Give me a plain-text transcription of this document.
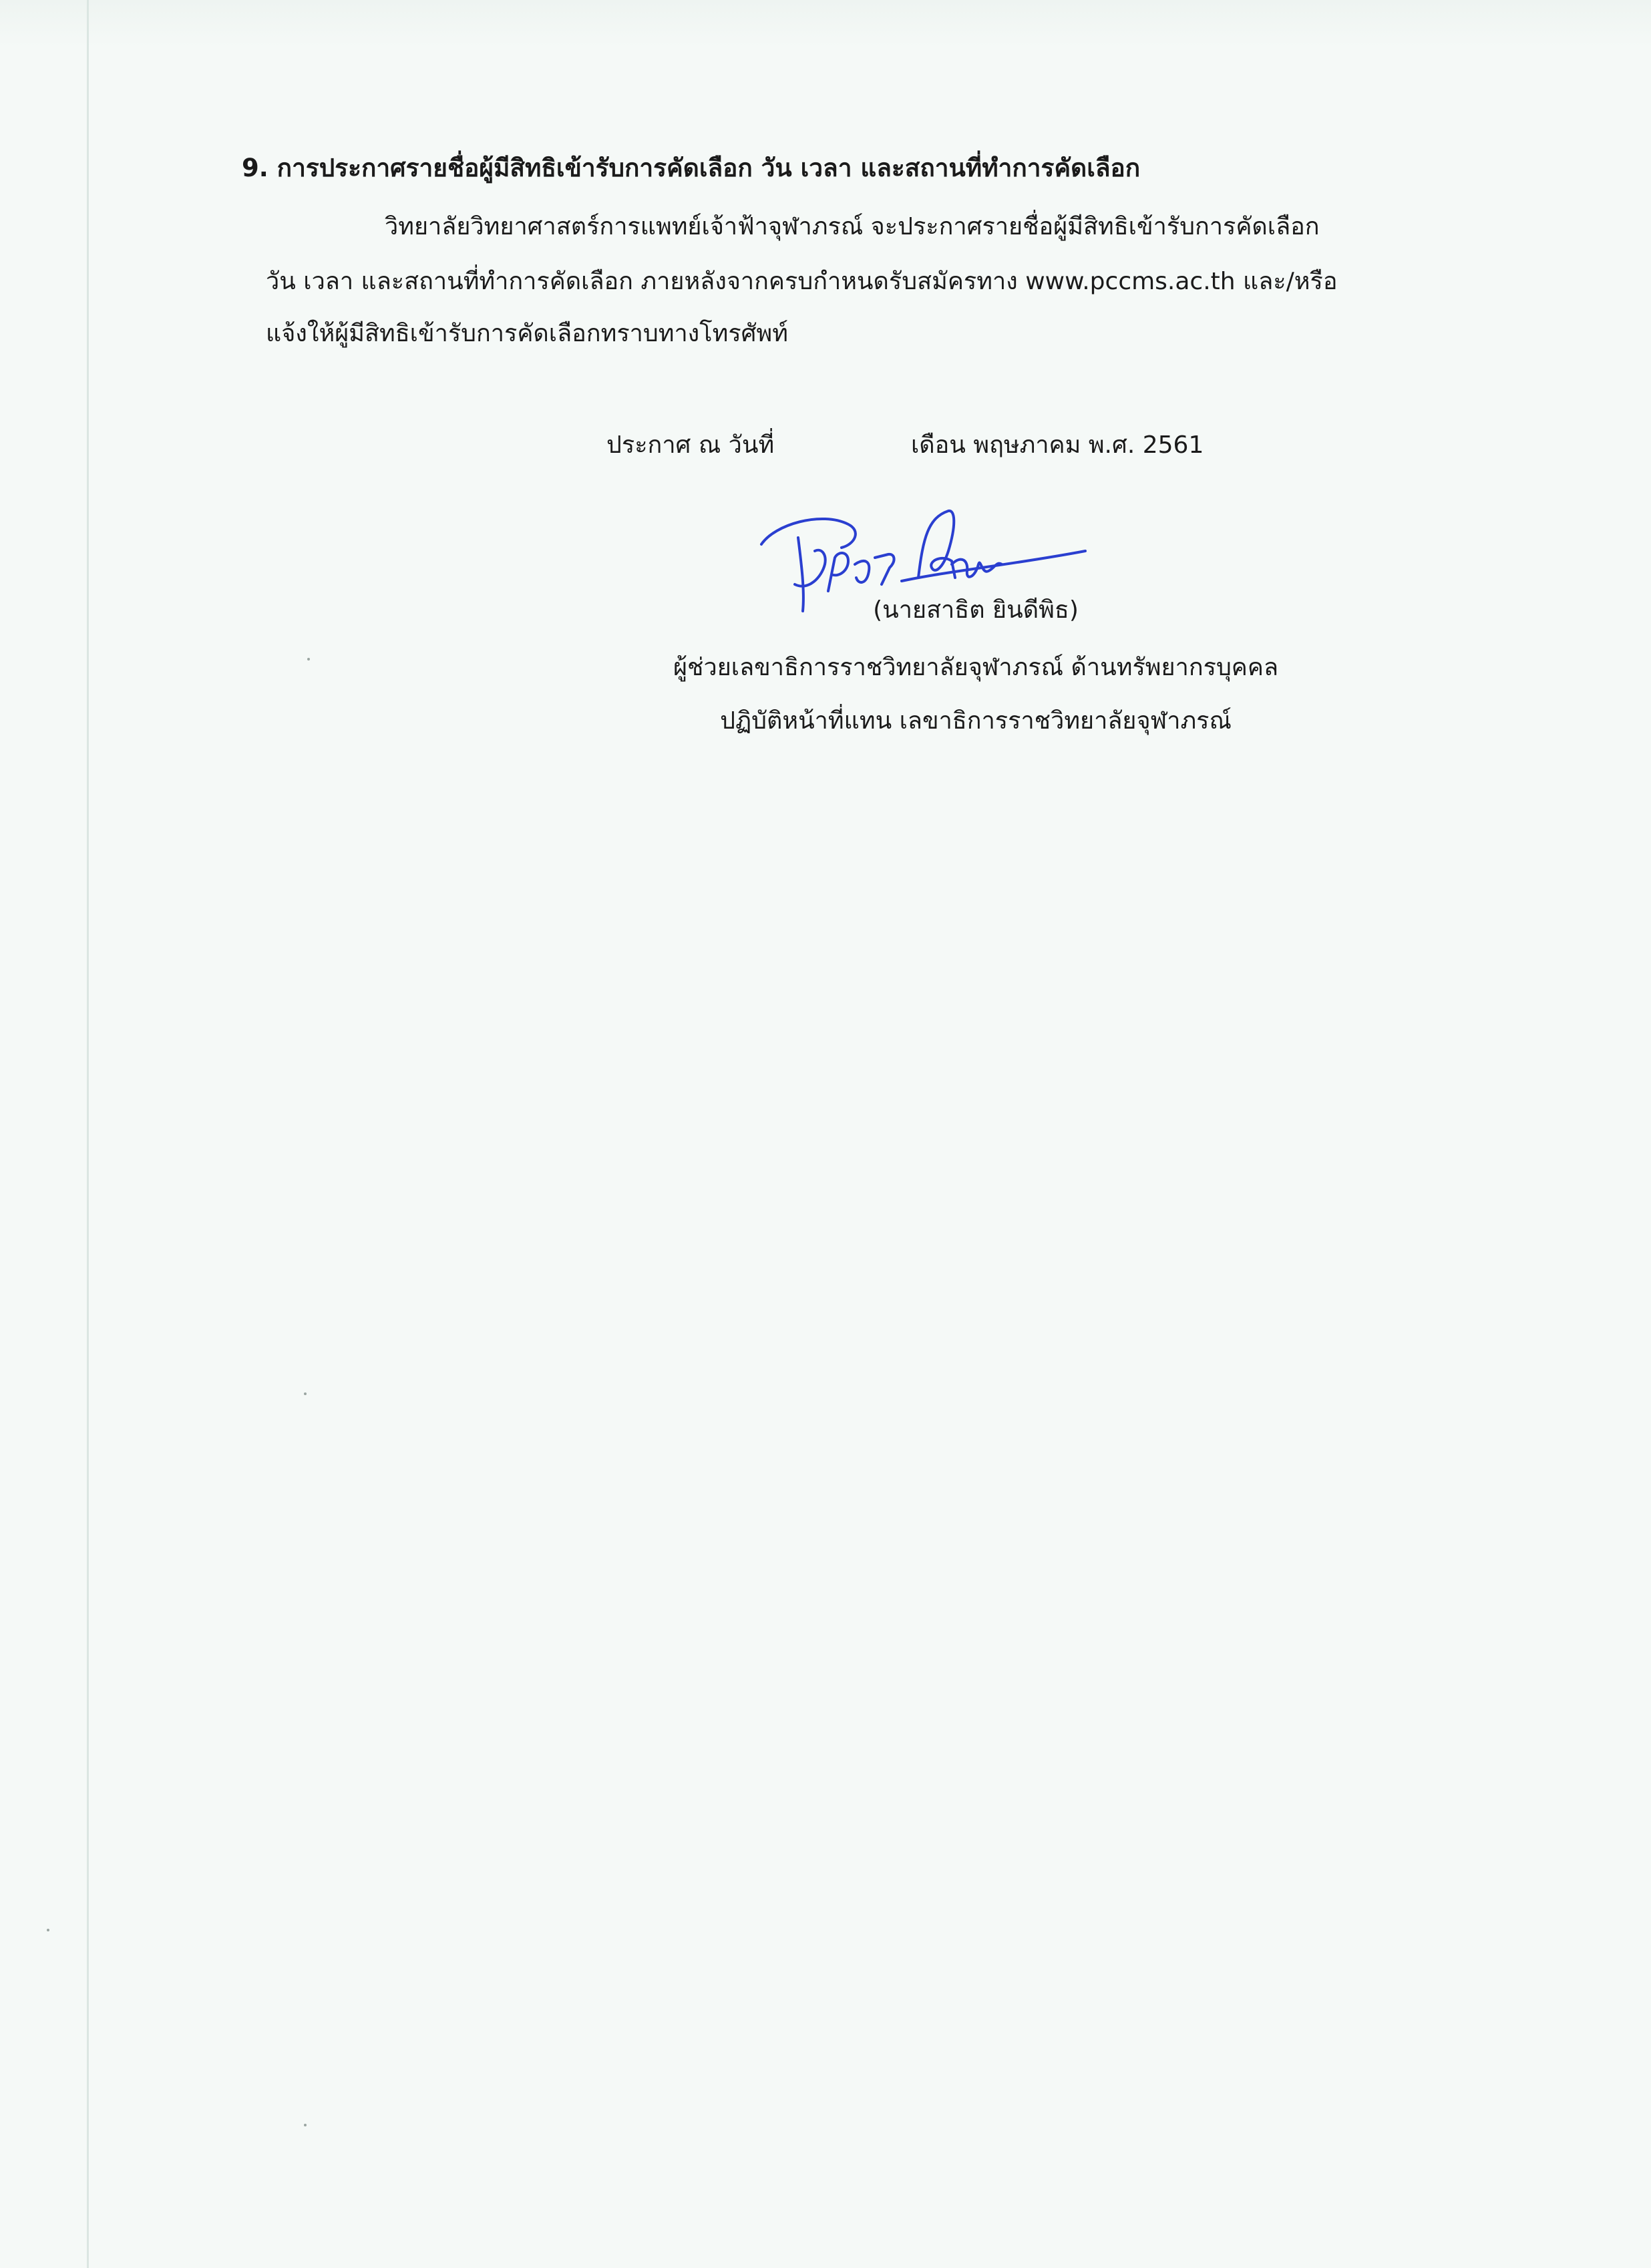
9. การประกาศรายชื่อผู้มีสิทธิเข้ารับการคัดเลือก วัน เวลา และสถานที่ทำการคัดเลือก
วิทยาลัยวิทยาศาสตร์การแพทย์เจ้าฟ้าจุฬาภรณ์ จะประกาศรายชื่อผู้มีสิทธิเข้ารับการคัดเลือก
วัน เวลา และสถานที่ทำการคัดเลือก ภายหลังจากครบกำหนดรับสมัครทาง www.pccms.ac.th และ/หรือ
แจ้งให้ผู้มีสิทธิเข้ารับการคัดเลือกทราบทางโทรศัพท์
ประกาศ ณ วันที่	เดือน พฤษภาคม พ.ศ. 2561
(นายสาธิต ยินดีพิธ)
ผู้ช่วยเลขาธิการราชวิทยาลัยจุฬาภรณ์ ด้านทรัพยากรบุคคล
ปฏิบัติหน้าที่แทน เลขาธิการราชวิทยาลัยจุฬาภรณ์
